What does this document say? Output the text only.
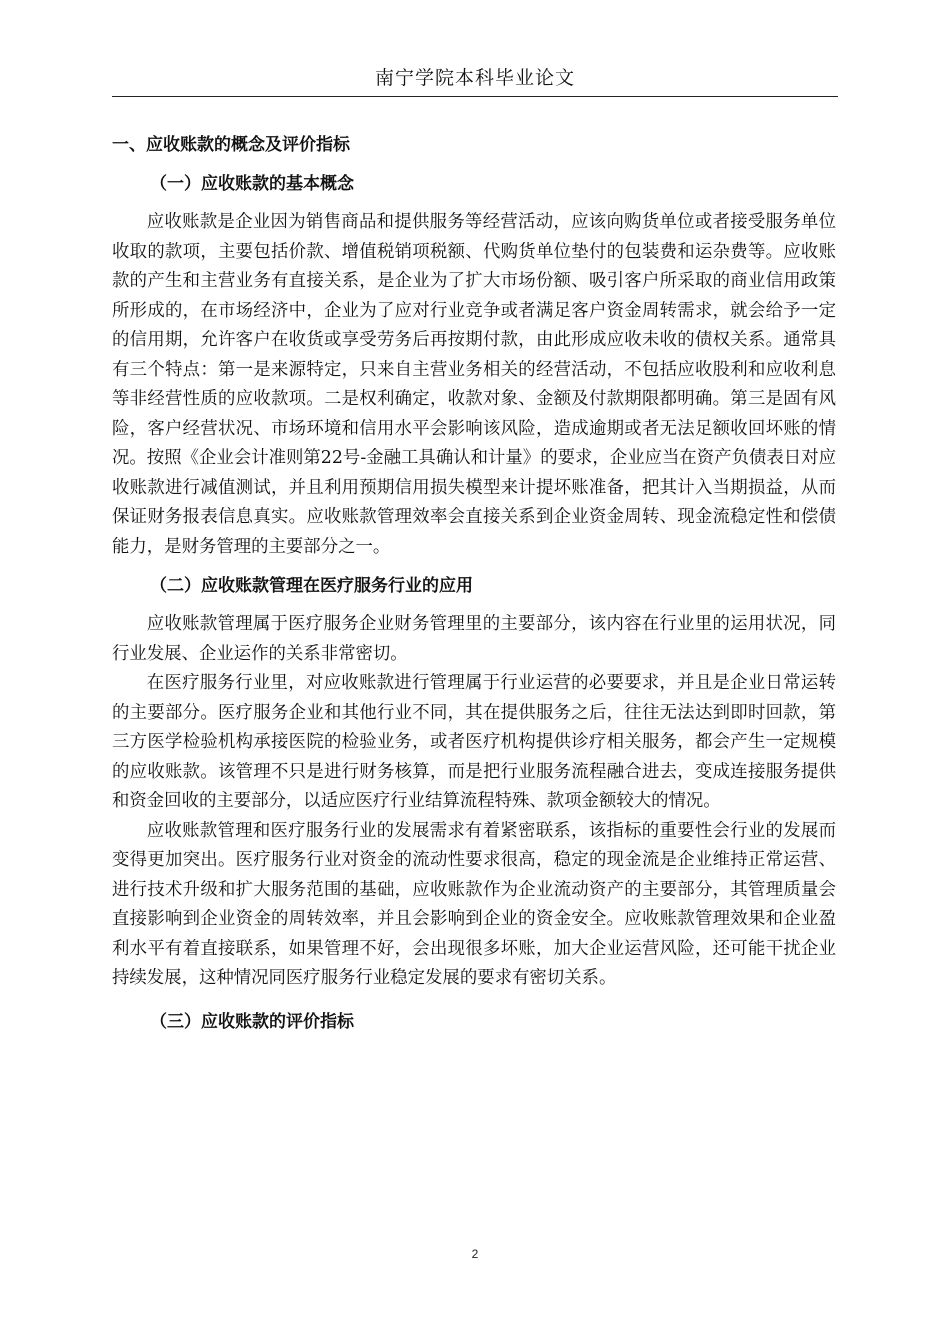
南宁学院本科毕业论文
一、应收账款的概念及评价指标
（一）应收账款的基本概念

应收账款是企业因为销售商品和提供服务等经营活动，应该向购货单位或者接受服务单位收取的款项，主要包括价款、增值税销项税额、代购货单位垫付的包装费和运杂费等。应收账款的产生和主营业务有直接关系，是企业为了扩大市场份额、吸引客户所采取的商业信用政策所形成的，在市场经济中，企业为了应对行业竞争或者满足客户资金周转需求，就会给予一定的信用期，允许客户在收货或享受劳务后再按期付款，由此形成应收未收的债权关系。通常具有三个特点：第一是来源特定，只来自主营业务相关的经营活动，不包括应收股利和应收利息等非经营性质的应收款项。二是权利确定，收款对象、金额及付款期限都明确。第三是固有风险，客户经营状况、市场环境和信用水平会影响该风险，造成逾期或者无法足额收回坏账的情况。按照《企业会计准则第22号-金融工具确认和计量》的要求，企业应当在资产负债表日对应收账款进行减值测试，并且利用预期信用损失模型来计提坏账准备，把其计入当期损益，从而保证财务报表信息真实。应收账款管理效率会直接关系到企业资金周转、现金流稳定性和偿债能力，是财务管理的主要部分之一。

（二）应收账款管理在医疗服务行业的应用

应收账款管理属于医疗服务企业财务管理里的主要部分，该内容在行业里的运用状况，同行业发展、企业运作的关系非常密切。

在医疗服务行业里，对应收账款进行管理属于行业运营的必要要求，并且是企业日常运转的主要部分。医疗服务企业和其他行业不同，其在提供服务之后，往往无法达到即时回款，第三方医学检验机构承接医院的检验业务，或者医疗机构提供诊疗相关服务，都会产生一定规模的应收账款。该管理不只是进行财务核算，而是把行业服务流程融合进去，变成连接服务提供和资金回收的主要部分，以适应医疗行业结算流程特殊、款项金额较大的情况。

应收账款管理和医疗服务行业的发展需求有着紧密联系，该指标的重要性会行业的发展而变得更加突出。医疗服务行业对资金的流动性要求很高，稳定的现金流是企业维持正常运营、进行技术升级和扩大服务范围的基础，应收账款作为企业流动资产的主要部分，其管理质量会直接影响到企业资金的周转效率，并且会影响到企业的资金安全。应收账款管理效果和企业盈利水平有着直接联系，如果管理不好，会出现很多坏账，加大企业运营风险，还可能干扰企业持续发展，这种情况同医疗服务行业稳定发展的要求有密切关系。

（三）应收账款的评价指标
2
